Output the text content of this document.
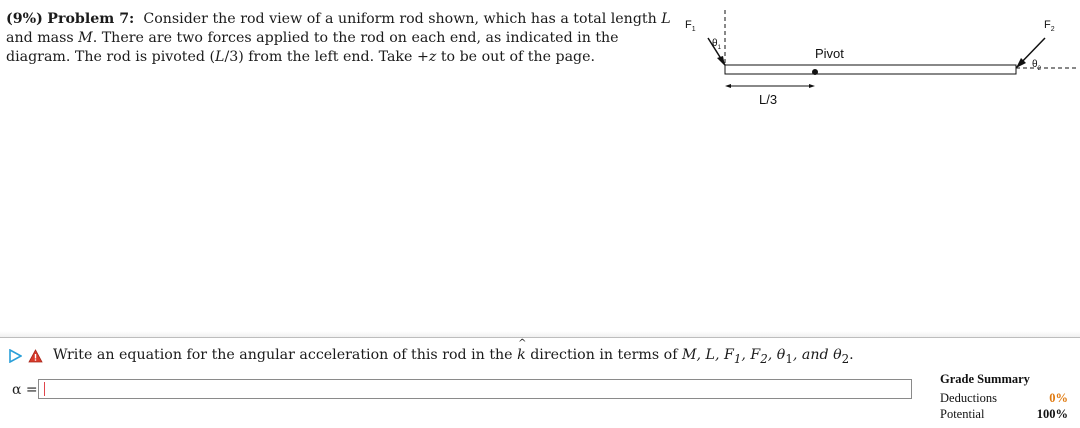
(9%) Problem 7: Consider the rod view of a uniform rod shown, which has a total length L and mass M. There are two forces applied to the rod on each end, as indicated in the diagram. The rod is pivoted (L/3) from the left end. Take +z to be out of the page.	Pivot
$F_1$
$\theta_1$
$F_2$
$\theta_2$
L/3
Write an equation for the angular acceleration of this rod in the k
^
direction in terms of M, L, $F_1$, $F_2$, $\theta_1$, and $\theta_2$.
α =
Grade Summary
Deductions	0%
Potential	100%
